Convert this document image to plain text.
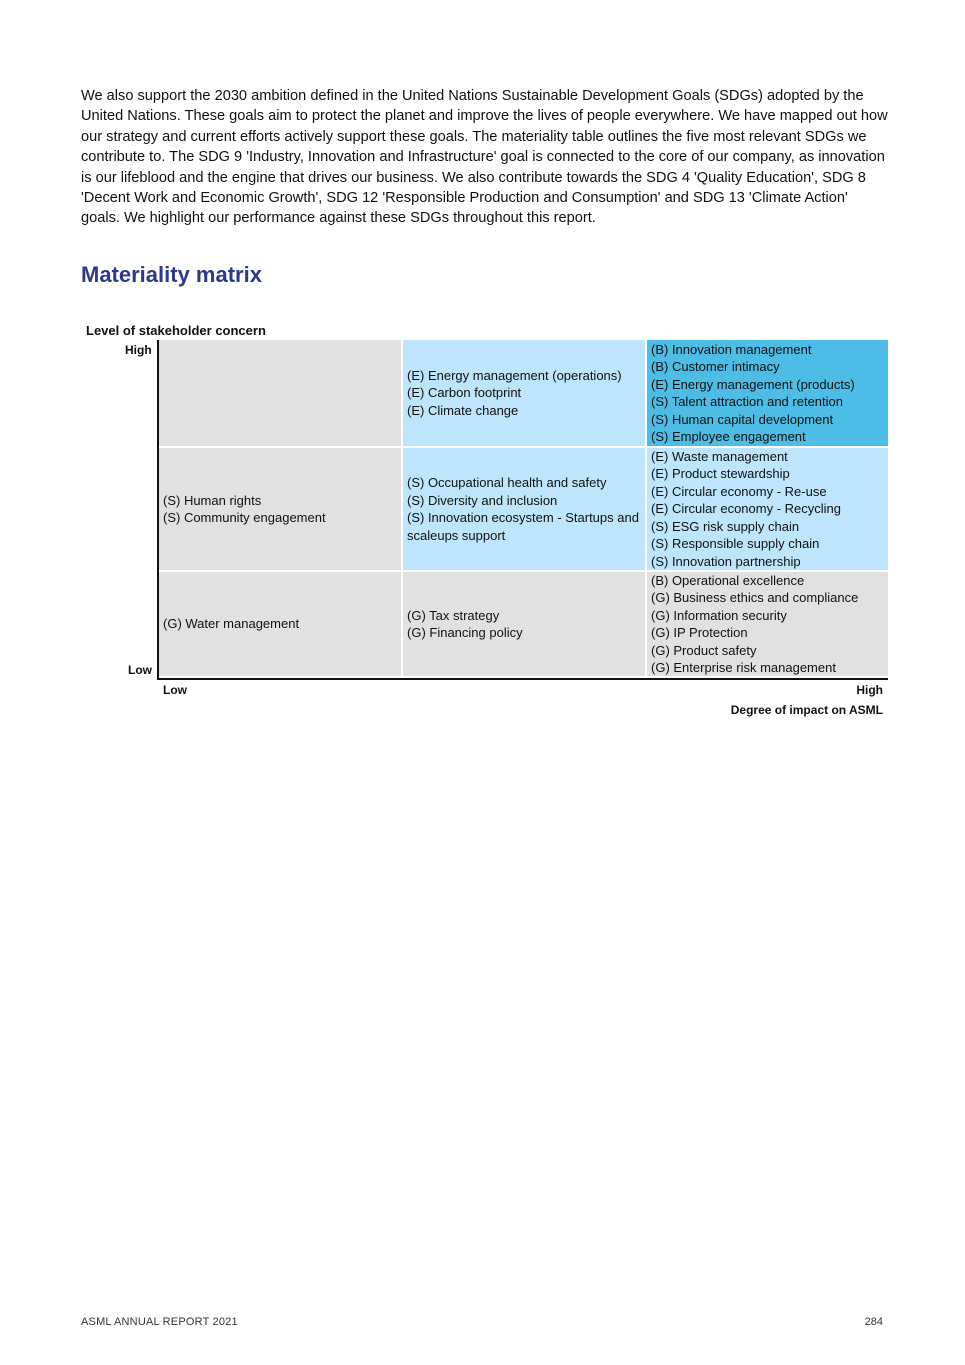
We also support the 2030 ambition defined in the United Nations Sustainable Development Goals (SDGs) adopted by the United Nations. These goals aim to protect the planet and improve the lives of people everywhere. We have mapped out how our strategy and current efforts actively support these goals. The materiality table outlines the five most relevant SDGs we contribute to. The SDG 9 'Industry, Innovation and Infrastructure' goal is connected to the core of our company, as innovation is our lifeblood and the engine that drives our business. We also contribute towards the SDG 4 'Quality Education', SDG 8 'Decent Work and Economic Growth', SDG 12 'Responsible Production and Consumption' and SDG 13 'Climate Action' goals. We highlight our performance against these SDGs throughout this report.

Materiality matrix
Level of stakeholder concern
High
Low
(E) Energy management (operations)
(E) Carbon footprint
(E) Climate change
(B) Innovation management
(B) Customer intimacy
(E) Energy management (products)
(S) Talent attraction and retention
(S) Human capital development
(S) Employee engagement
(S) Human rights
(S) Community engagement
(S) Occupational health and safety
(S) Diversity and inclusion
(S) Innovation ecosystem - Startups and scaleups support
(E) Waste management
(E) Product stewardship
(E) Circular economy - Re-use
(E) Circular economy - Recycling
(S) ESG risk supply chain
(S) Responsible supply chain
(S) Innovation partnership
(G) Water management
(G) Tax strategy
(G) Financing policy
(B) Operational excellence
(G) Business ethics and compliance
(G) Information security
(G) IP Protection
(G) Product safety
(G) Enterprise risk management
Low	High
Degree of impact on ASML
ASML ANNUAL REPORT 2021	284
